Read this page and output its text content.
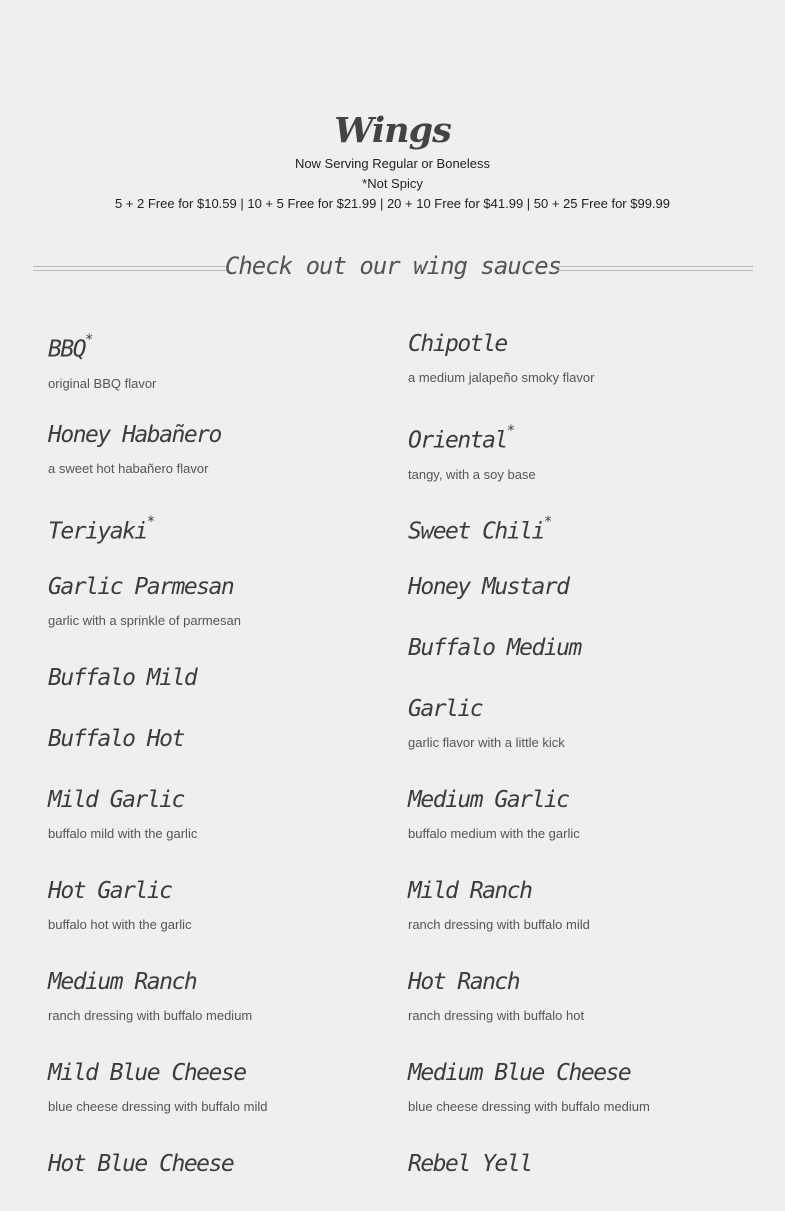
Wings
Now Serving Regular or Boneless
*Not Spicy
5 + 2 Free for $10.59 | 10 + 5 Free for $21.99 | 20 + 10 Free for $41.99 | 50 + 25 Free for $99.99
Check out our wing sauces
BBQ*
original BBQ flavor
Honey Habañero
a sweet hot habañero flavor
Teriyaki*
Garlic Parmesan
garlic with a sprinkle of parmesan
Buffalo Mild
Buffalo Hot
Mild Garlic
buffalo mild with the garlic
Hot Garlic
buffalo hot with the garlic
Medium Ranch
ranch dressing with buffalo medium
Mild Blue Cheese
blue cheese dressing with buffalo mild
Hot Blue Cheese
Chipotle
a medium jalapeño smoky flavor
Oriental*
tangy, with a soy base
Sweet Chili*
Honey Mustard
Buffalo Medium
Garlic
garlic flavor with a little kick
Medium Garlic
buffalo medium with the garlic
Mild Ranch
ranch dressing with buffalo mild
Hot Ranch
ranch dressing with buffalo hot
Medium Blue Cheese
blue cheese dressing with buffalo medium
Rebel Yell
